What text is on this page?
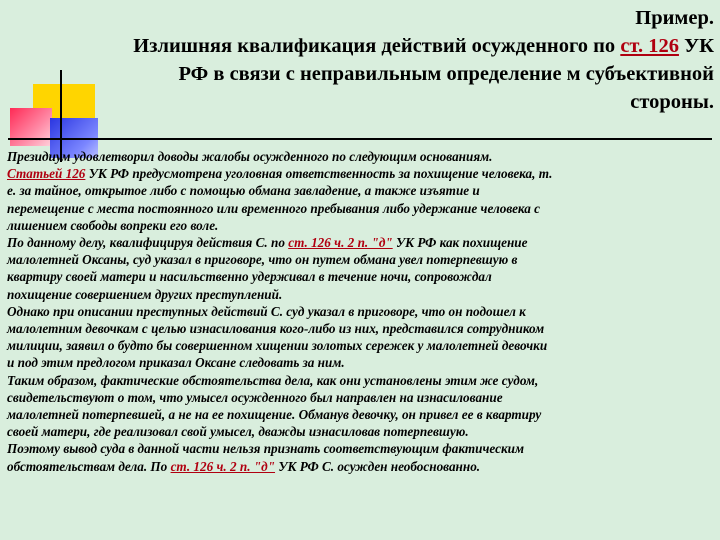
Пример.
Излишняя квалификация действий осужденного по ст. 126 УК
РФ в связи с неправильным определение м субъективной
стороны.
Президиум удовлетворил доводы жалобы осужденного по следующим основаниям.
Статьей 126 УК РФ предусмотрена уголовная ответственность за похищение человека, т.
е. за тайное, открытое либо с помощью обмана завладение, а также изъятие и
перемещение с места постоянного или временного пребывания либо удержание человека с
лишением свободы вопреки его воле.
По данному делу, квалифицируя действия С. по ст. 126 ч. 2 п. "д" УК РФ как похищение
малолетней Оксаны, суд указал в приговоре, что он путем обмана увел потерпевшую в
квартиру своей матери и насильственно удерживал в течение ночи, сопровождал
похищение совершением других преступлений.
Однако при описании преступных действий С. суд указал в приговоре, что он подошел к
малолетним девочкам с целью изнасилования кого-либо из них, представился сотрудником
милиции, заявил о будто бы совершенном хищении золотых сережек у малолетней девочки
и под этим предлогом приказал Оксане следовать за ним.
Таким образом, фактические обстоятельства дела, как они установлены этим же судом,
свидетельствуют о том, что умысел осужденного был направлен на изнасилование
малолетней потерпевшей, а не на ее похищение. Обманув девочку, он привел ее в квартиру
своей матери, где реализовал свой умысел, дважды изнасиловав потерпевшую.
Поэтому вывод суда в данной части нельзя признать соответствующим фактическим
обстоятельствам дела. По ст. 126 ч. 2 п. "д" УК РФ С. осужден необоснованно.
